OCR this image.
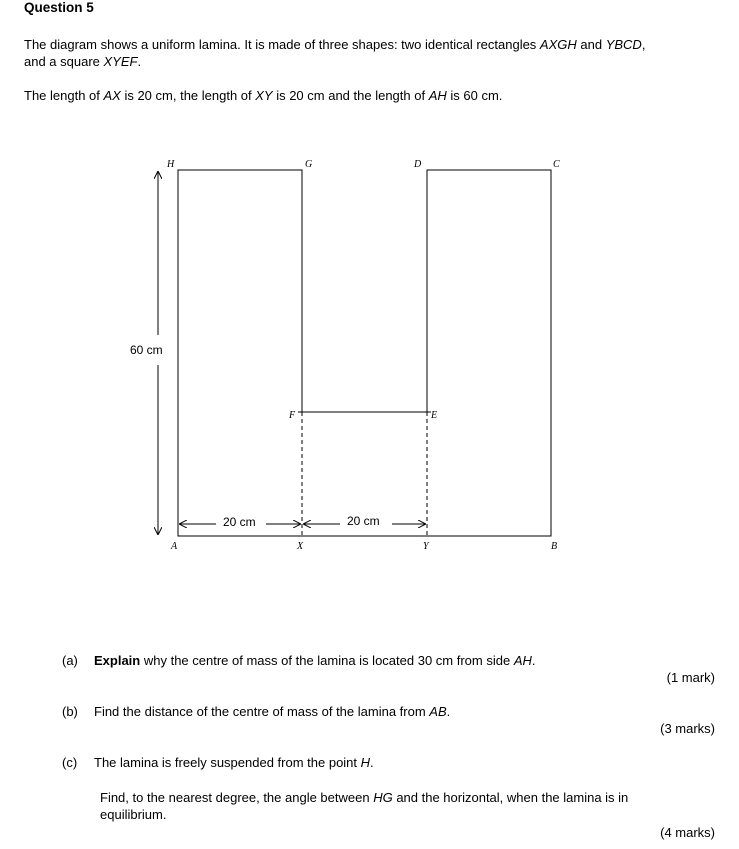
Question 5
The diagram shows a uniform lamina. It is made of three shapes: two identical rectangles AXGH and YBCD,
and a square XYEF.
The length of AX is 20 cm, the length of XY is 20 cm and the length of AH is 60 cm.
60 cm
20 cm	20 cm
H	G	D	C
F	E
A	X	Y	B
(a) Explain why the centre of mass of the lamina is located 30 cm from side AH.
(1 mark)
(b) Find the distance of the centre of mass of the lamina from AB.
(3 marks)
(c) The lamina is freely suspended from the point H.
Find, to the nearest degree, the angle between HG and the horizontal, when the lamina is in
equilibrium.
(4 marks)
